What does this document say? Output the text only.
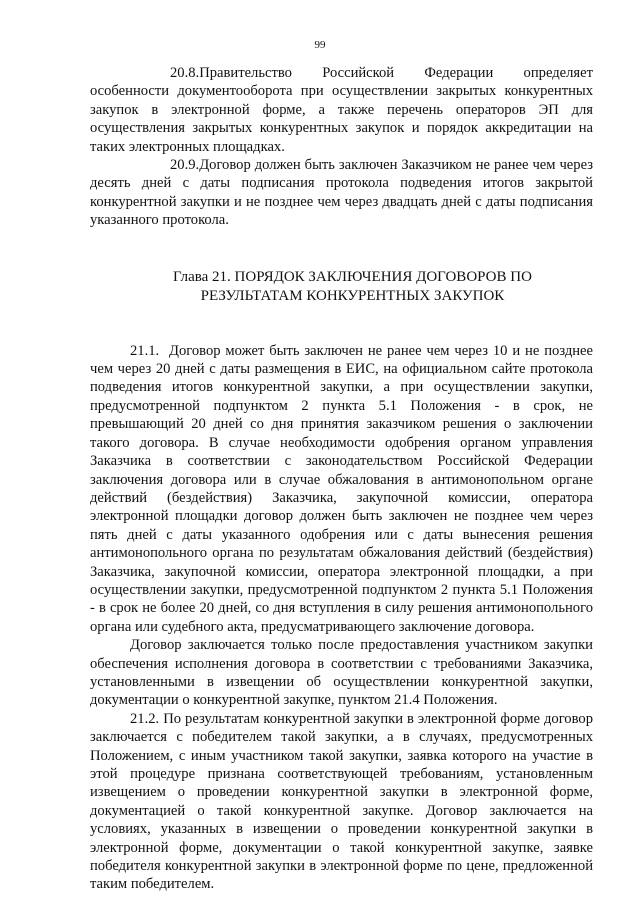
99

20.8.Правительство Российской Федерации определяет особенности документооборота при осуществлении закрытых конкурентных закупок в электронной форме, а также перечень операторов ЭП для осуществления закрытых конкурентных закупок и порядок аккредитации на таких электронных площадках.

20.9.Договор должен быть заключен Заказчиком не ранее чем через десять дней с даты подписания протокола подведения итогов закрытой конкурентной закупки и не позднее чем через двадцать дней с даты подписания указанного протокола.

Глава 21. ПОРЯДОК ЗАКЛЮЧЕНИЯ ДОГОВОРОВ ПО
РЕЗУЛЬТАТАМ КОНКУРЕНТНЫХ ЗАКУПОК

21.1. Договор может быть заключен не ранее чем через 10 и не позднее чем через 20 дней с даты размещения в ЕИС, на официальном сайте протокола подведения итогов конкурентной закупки, а при осуществлении закупки, предусмотренной подпунктом 2 пункта 5.1 Положения - в срок, не превышающий 20 дней со дня принятия заказчиком решения о заключении такого договора. В случае необходимости одобрения органом управления Заказчика в соответствии с законодательством Российской Федерации заключения договора или в случае обжалования в антимонопольном органе действий (бездействия) Заказчика, закупочной комиссии, оператора электронной площадки договор должен быть заключен не позднее чем через пять дней с даты указанного одобрения или с даты вынесения решения антимонопольного органа по результатам обжалования действий (бездействия) Заказчика, закупочной комиссии, оператора электронной площадки, а при осуществлении закупки, предусмотренной подпунктом 2 пункта 5.1 Положения - в срок не более 20 дней, со дня вступления в силу решения антимонопольного органа или судебного акта, предусматривающего заключение договора.

Договор заключается только после предоставления участником закупки обеспечения исполнения договора в соответствии с требованиями Заказчика, установленными в извещении об осуществлении конкурентной закупки, документации о конкурентной закупке, пунктом 21.4 Положения.

21.2. По результатам конкурентной закупки в электронной форме договор заключается с победителем такой закупки, а в случаях, предусмотренных Положением, с иным участником такой закупки, заявка которого на участие в этой процедуре признана соответствующей требованиям, установленным извещением о проведении конкурентной закупки в электронной форме, документацией о такой конкурентной закупке. Договор заключается на условиях, указанных в извещении о проведении конкурентной закупки в электронной форме, документации о такой конкурентной закупке, заявке победителя конкурентной закупки в электронной форме по цене, предложенной таким победителем.
